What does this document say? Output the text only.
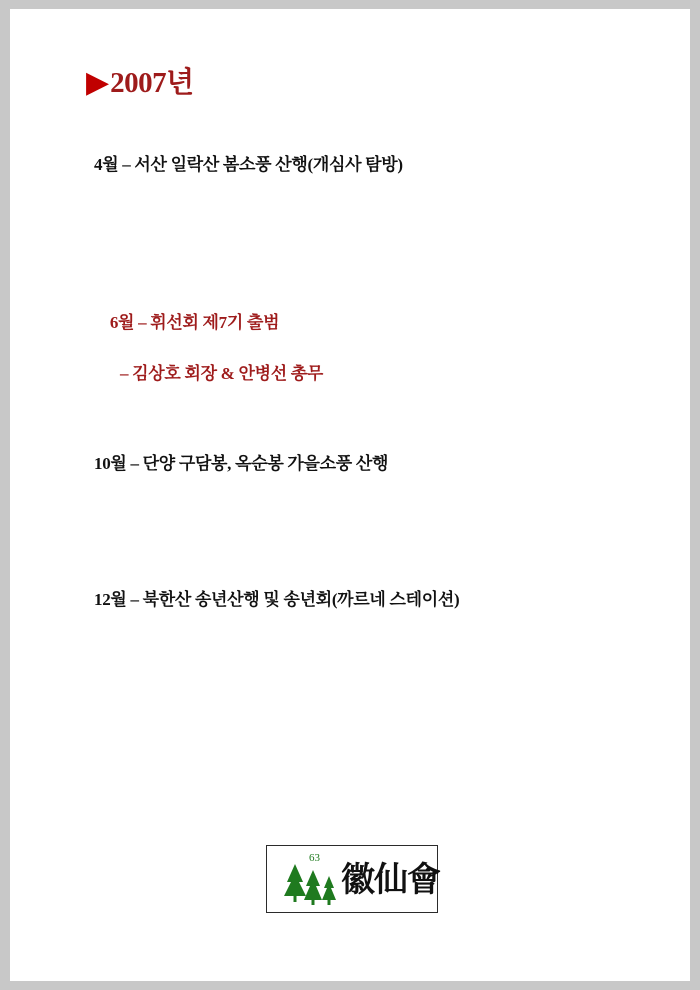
▶ 2007년
4월 – 서산 일락산 봄소풍 산행(개심사 탐방)

6월 – 휘선회 제7기 출범

– 김상호 회장 & 안병선 총무

10월 – 단양 구담봉, 옥순봉 가을소풍 산행
12월 – 북한산 송년산행 및 송년회(까르네 스테이션)
63
徽仙會
